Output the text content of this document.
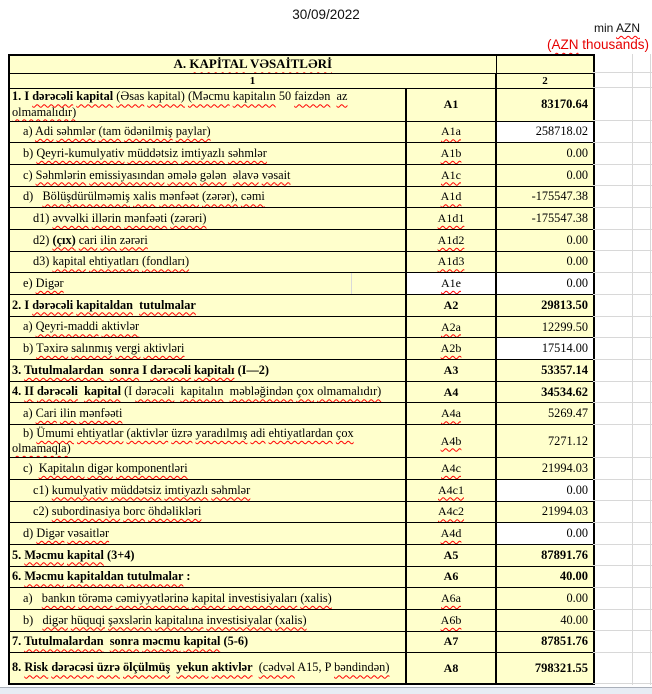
30/09/2022
min AZN
(AZN thousands)
A. KAPİTAL VƏSAİTLƏRİ		
1		2
1. I dərəcəli kapital (Əsas kapital) (Məcmu kapitalın 50 faizdən az olmamalıdır)	A1	83170.64
a) Adi səhmlər (tam ödənilmiş paylar)	A1a	258718.02
b) Qeyri-kumulyativ müddətsiz imtiyazlı səhmlər	A1b	0.00
c) Səhmlərin emissiyasından əmələ gələn əlavə vəsait	A1c	0.00
d) Bölüşdürülməmiş xalis mənfəət (zərər), cəmi	A1d	-175547.38
d1) əvvəlki illərin mənfəəti (zərəri)	A1d1	-175547.38
d2) (çıx) cari ilin zərəri	A1d2	0.00
d3) kapital ehtiyatları (fondları)	A1d3	0.00
e) Digər	A1e	0.00
2. I dərəcəli kapitaldan tutulmalar	A2	29813.50
a) Qeyri-maddi aktivlər	A2a	12299.50
b) Təxirə salınmış vergi aktivləri	A2b	17514.00
3. Tutulmalardan sonra I dərəcəli kapitalı (I—2)	A3	53357.14
4. II dərəcəli kapital (I dərəcəli kapitalın məbləğindən çox olmamalıdır)	A4	34534.62
a) Cari ilin mənfəəti	A4a	5269.47
b) Ümumi ehtiyatlar (aktivlər üzrə yaradılmış adi ehtiyatlardan çox olmamaqla)	A4b	7271.12
c) Kapitalın digər komponentləri	A4c	21994.03
c1) kumulyativ müddətsiz imtiyazlı səhmlər	A4c1	0.00
c2) subordinasiya borc öhdəlikləri	A4c2	21994.03
d) Digər vəsaitlər	A4d	0.00
5. Məcmu kapital (3+4)	A5	87891.76
6. Məcmu kapitaldan tutulmalar :	A6	40.00
a) bankın törəmə cəmiyyətlərinə kapital investisiyaları (xalis)	A6a	0.00
b) digər hüquqi şəxslərin kapitalına investisiyalar (xalis)	A6b	40.00
7. Tutulmalardan sonra məcmu kapital (5-6)	A7	87851.76
8. Risk dərəcəsi üzrə ölçülmüş yekun aktivlər (cədvəl A15, P bəndindən)	A8	798321.55
